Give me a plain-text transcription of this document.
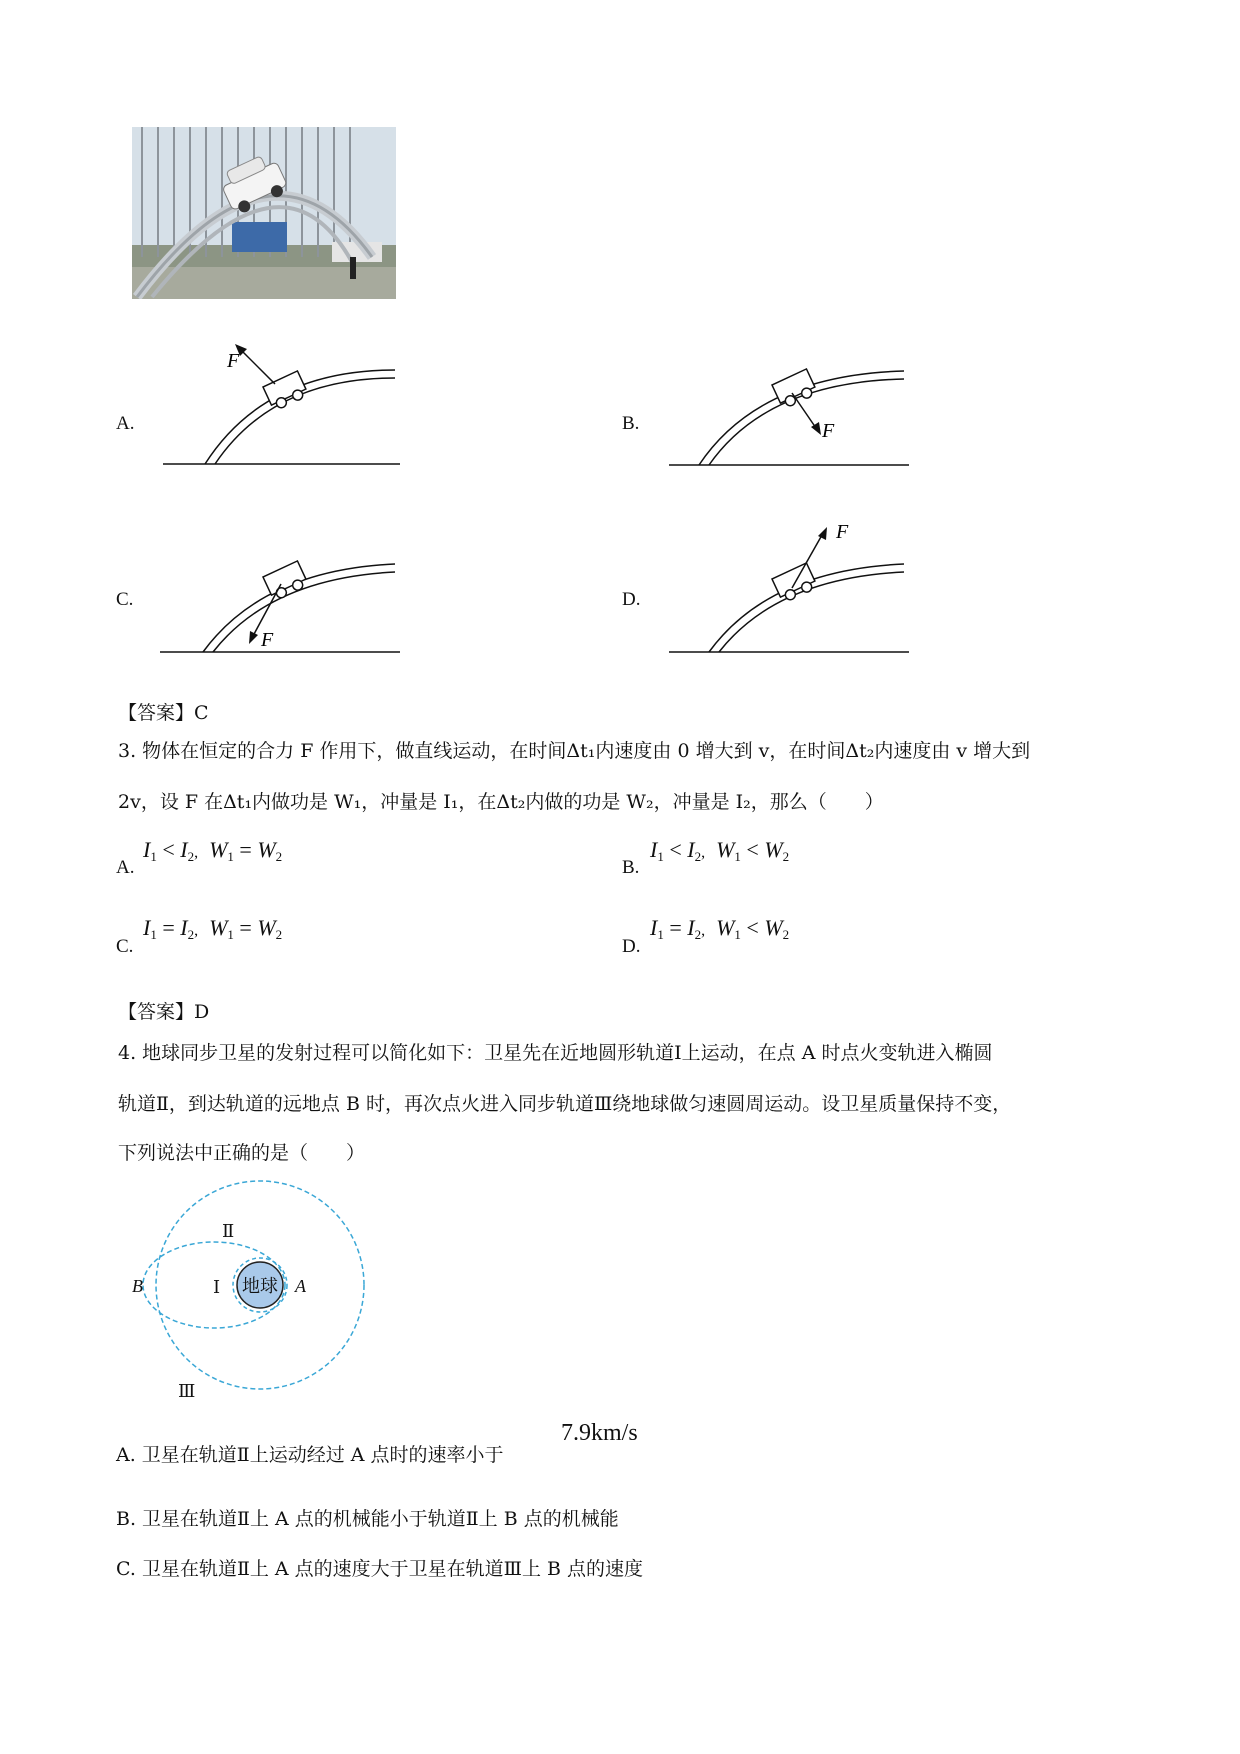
A.	B.
C.	D.
F
F
F
F
【答案】C
3. 物体在恒定的合力 F 作用下，做直线运动，在时间Δt₁内速度由 0 增大到 v，在时间Δt₂内速度由 v 增大到
2v，设 F 在Δt₁内做功是 W₁，冲量是 I₁，在Δt₂内做的功是 W₂，冲量是 I₂，那么（　　）
A.
$I_1 < I_2$, $W_1 = W_2$
B.
$I_1 < I_2$, $W_1 < W_2$
C.
$I_1 = I_2$, $W_1 = W_2$
D.
$I_1 = I_2$, $W_1 < W_2$
【答案】D
4. 地球同步卫星的发射过程可以简化如下：卫星先在近地圆形轨道Ⅰ上运动，在点 A 时点火变轨进入椭圆
轨道Ⅱ，到达轨道的远地点 B 时，再次点火进入同步轨道Ⅲ绕地球做匀速圆周运动。设卫星质量保持不变，
下列说法中正确的是（　　）
地球 A
B	Ⅰ
Ⅱ
Ⅲ
A. 卫星在轨道Ⅱ上运动经过 A 点时的速率小于
7.9km/s
B. 卫星在轨道Ⅱ上 A 点的机械能小于轨道Ⅱ上 B 点的机械能
C. 卫星在轨道Ⅱ上 A 点的速度大于卫星在轨道Ⅲ上 B 点的速度
